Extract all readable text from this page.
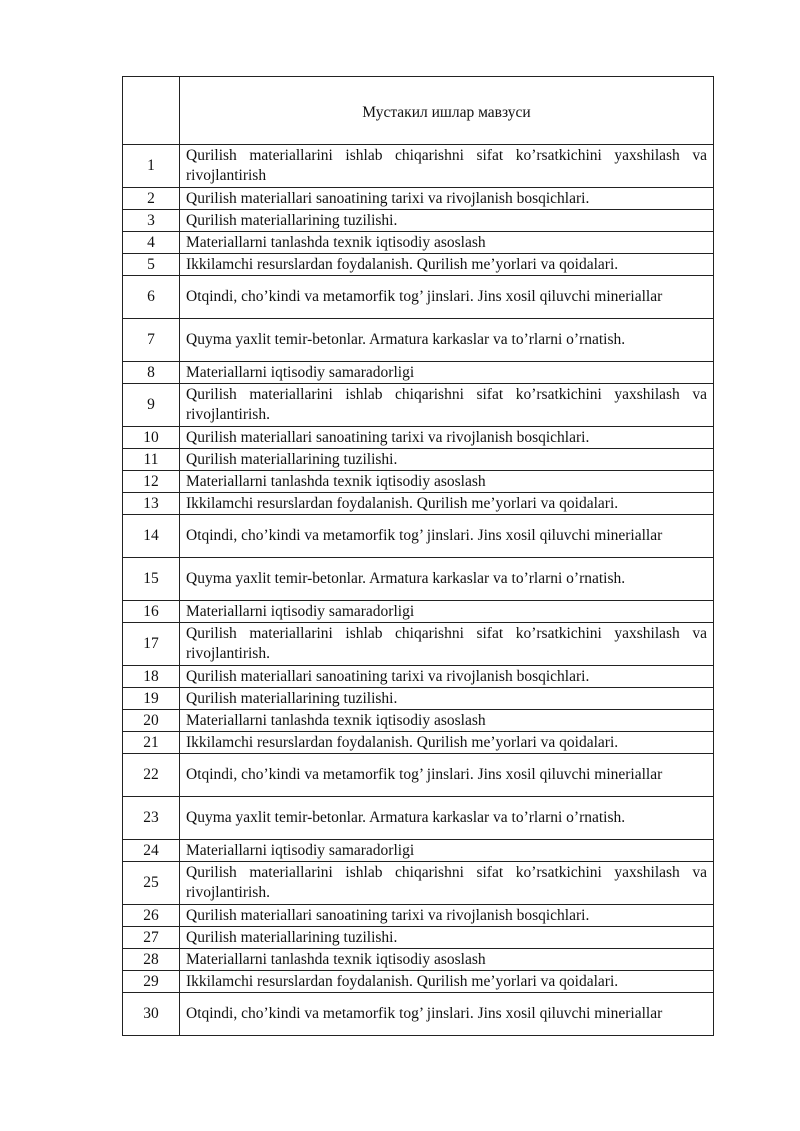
	Мустакил ишлар мавзуси
1	Qurilish materiallarini ishlab chiqarishni sifat ko’rsatkichini yaxshilash va rivojlantirish
2	Qurilish materiallari sanoatining tarixi va rivojlanish bosqichlari.
3	Qurilish materiallarining tuzilishi.
4	Materiallarni tanlashda texnik iqtisodiy asoslash
5	Ikkilamchi resurslardan foydalanish. Qurilish me’yorlari va qoidalari.
6	Otqindi, cho’kindi va metamorfik tog’ jinslari. Jins xosil qiluvchi mineriallar
7	Quyma yaxlit temir-betonlar. Armatura karkaslar va to’rlarni o’rnatish.
8	Materiallarni iqtisodiy samaradorligi
9	Qurilish materiallarini ishlab chiqarishni sifat ko’rsatkichini yaxshilash va rivojlantirish.
10	Qurilish materiallari sanoatining tarixi va rivojlanish bosqichlari.
11	Qurilish materiallarining tuzilishi.
12	Materiallarni tanlashda texnik iqtisodiy asoslash
13	Ikkilamchi resurslardan foydalanish. Qurilish me’yorlari va qoidalari.
14	Otqindi, cho’kindi va metamorfik tog’ jinslari. Jins xosil qiluvchi mineriallar
15	Quyma yaxlit temir-betonlar. Armatura karkaslar va to’rlarni o’rnatish.
16	Materiallarni iqtisodiy samaradorligi
17	Qurilish materiallarini ishlab chiqarishni sifat ko’rsatkichini yaxshilash va rivojlantirish.
18	Qurilish materiallari sanoatining tarixi va rivojlanish bosqichlari.
19	Qurilish materiallarining tuzilishi.
20	Materiallarni tanlashda texnik iqtisodiy asoslash
21	Ikkilamchi resurslardan foydalanish. Qurilish me’yorlari va qoidalari.
22	Otqindi, cho’kindi va metamorfik tog’ jinslari. Jins xosil qiluvchi mineriallar
23	Quyma yaxlit temir-betonlar. Armatura karkaslar va to’rlarni o’rnatish.
24	Materiallarni iqtisodiy samaradorligi
25	Qurilish materiallarini ishlab chiqarishni sifat ko’rsatkichini yaxshilash va rivojlantirish.
26	Qurilish materiallari sanoatining tarixi va rivojlanish bosqichlari.
27	Qurilish materiallarining tuzilishi.
28	Materiallarni tanlashda texnik iqtisodiy asoslash
29	Ikkilamchi resurslardan foydalanish. Qurilish me’yorlari va qoidalari.
30	Otqindi, cho’kindi va metamorfik tog’ jinslari. Jins xosil qiluvchi mineriallar
